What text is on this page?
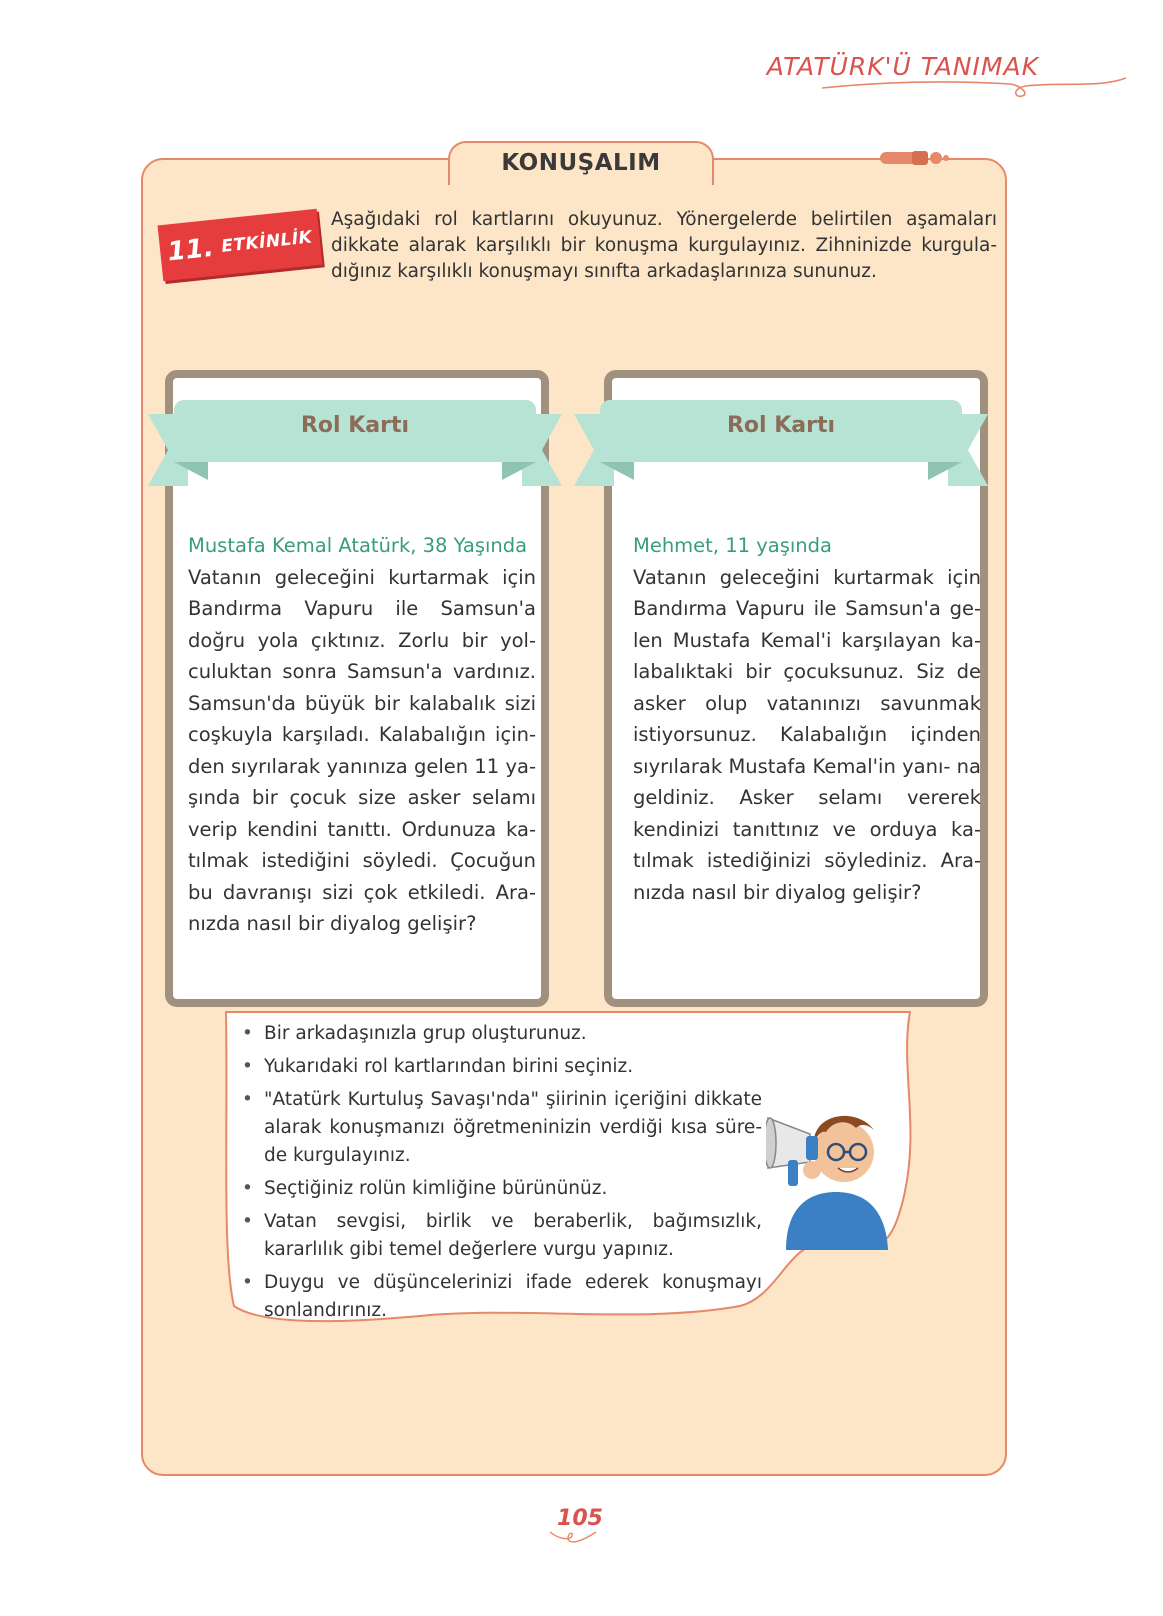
ATATÜRK'Ü TANIMAK
KONUŞALIM
11. ETKİNLİK
Aşağıdaki rol kartlarını okuyunuz. Yönergelerde belirtilen aşamaları dikkate alarak karşılıklı bir konuşma kurgulayınız. Zihninizde kurgula- dığınız karşılıklı konuşmayı sınıfta arkadaşlarınıza sununuz.
Rol Kartı
Mustafa Kemal Atatürk, 38 Yaşında
Vatanın geleceğini kurtarmak için Bandırma Vapuru ile Samsun'a doğru yola çıktınız. Zorlu bir yol- culuktan sonra Samsun'a vardınız. Samsun'da büyük bir kalabalık sizi coşkuyla karşıladı. Kalabalığın için- den sıyrılarak yanınıza gelen 11 ya- şında bir çocuk size asker selamı verip kendini tanıttı. Ordunuza ka- tılmak istediğini söyledi. Çocuğun bu davranışı sizi çok etkiledi. Ara- nızda nasıl bir diyalog gelişir?
Rol Kartı
Mehmet, 11 yaşında
Vatanın geleceğini kurtarmak için Bandırma Vapuru ile Samsun'a ge- len Mustafa Kemal'i karşılayan ka- labalıktaki bir çocuksunuz. Siz de asker olup vatanınızı savunmak istiyorsunuz. Kalabalığın içinden sıyrılarak Mustafa Kemal'in yanı- na geldiniz. Asker selamı vererek kendinizi tanıttınız ve orduya ka- tılmak istediğinizi söylediniz. Ara- nızda nasıl bir diyalog gelişir?
• Bir arkadaşınızla grup oluşturunuz.
• Yukarıdaki rol kartlarından birini seçiniz.
• "Atatürk Kurtuluş Savaşı'nda" şiirinin içeriğini dikkate alarak konuşmanızı öğretmeninizin verdiği kısa süre- de kurgulayınız.
• Seçtiğiniz rolün kimliğine bürününüz.
• Vatan sevgisi, birlik ve beraberlik, bağımsızlık, kararlılık gibi temel değerlere vurgu yapınız.
• Duygu ve düşüncelerinizi ifade ederek konuşmayı sonlandırınız.
105
